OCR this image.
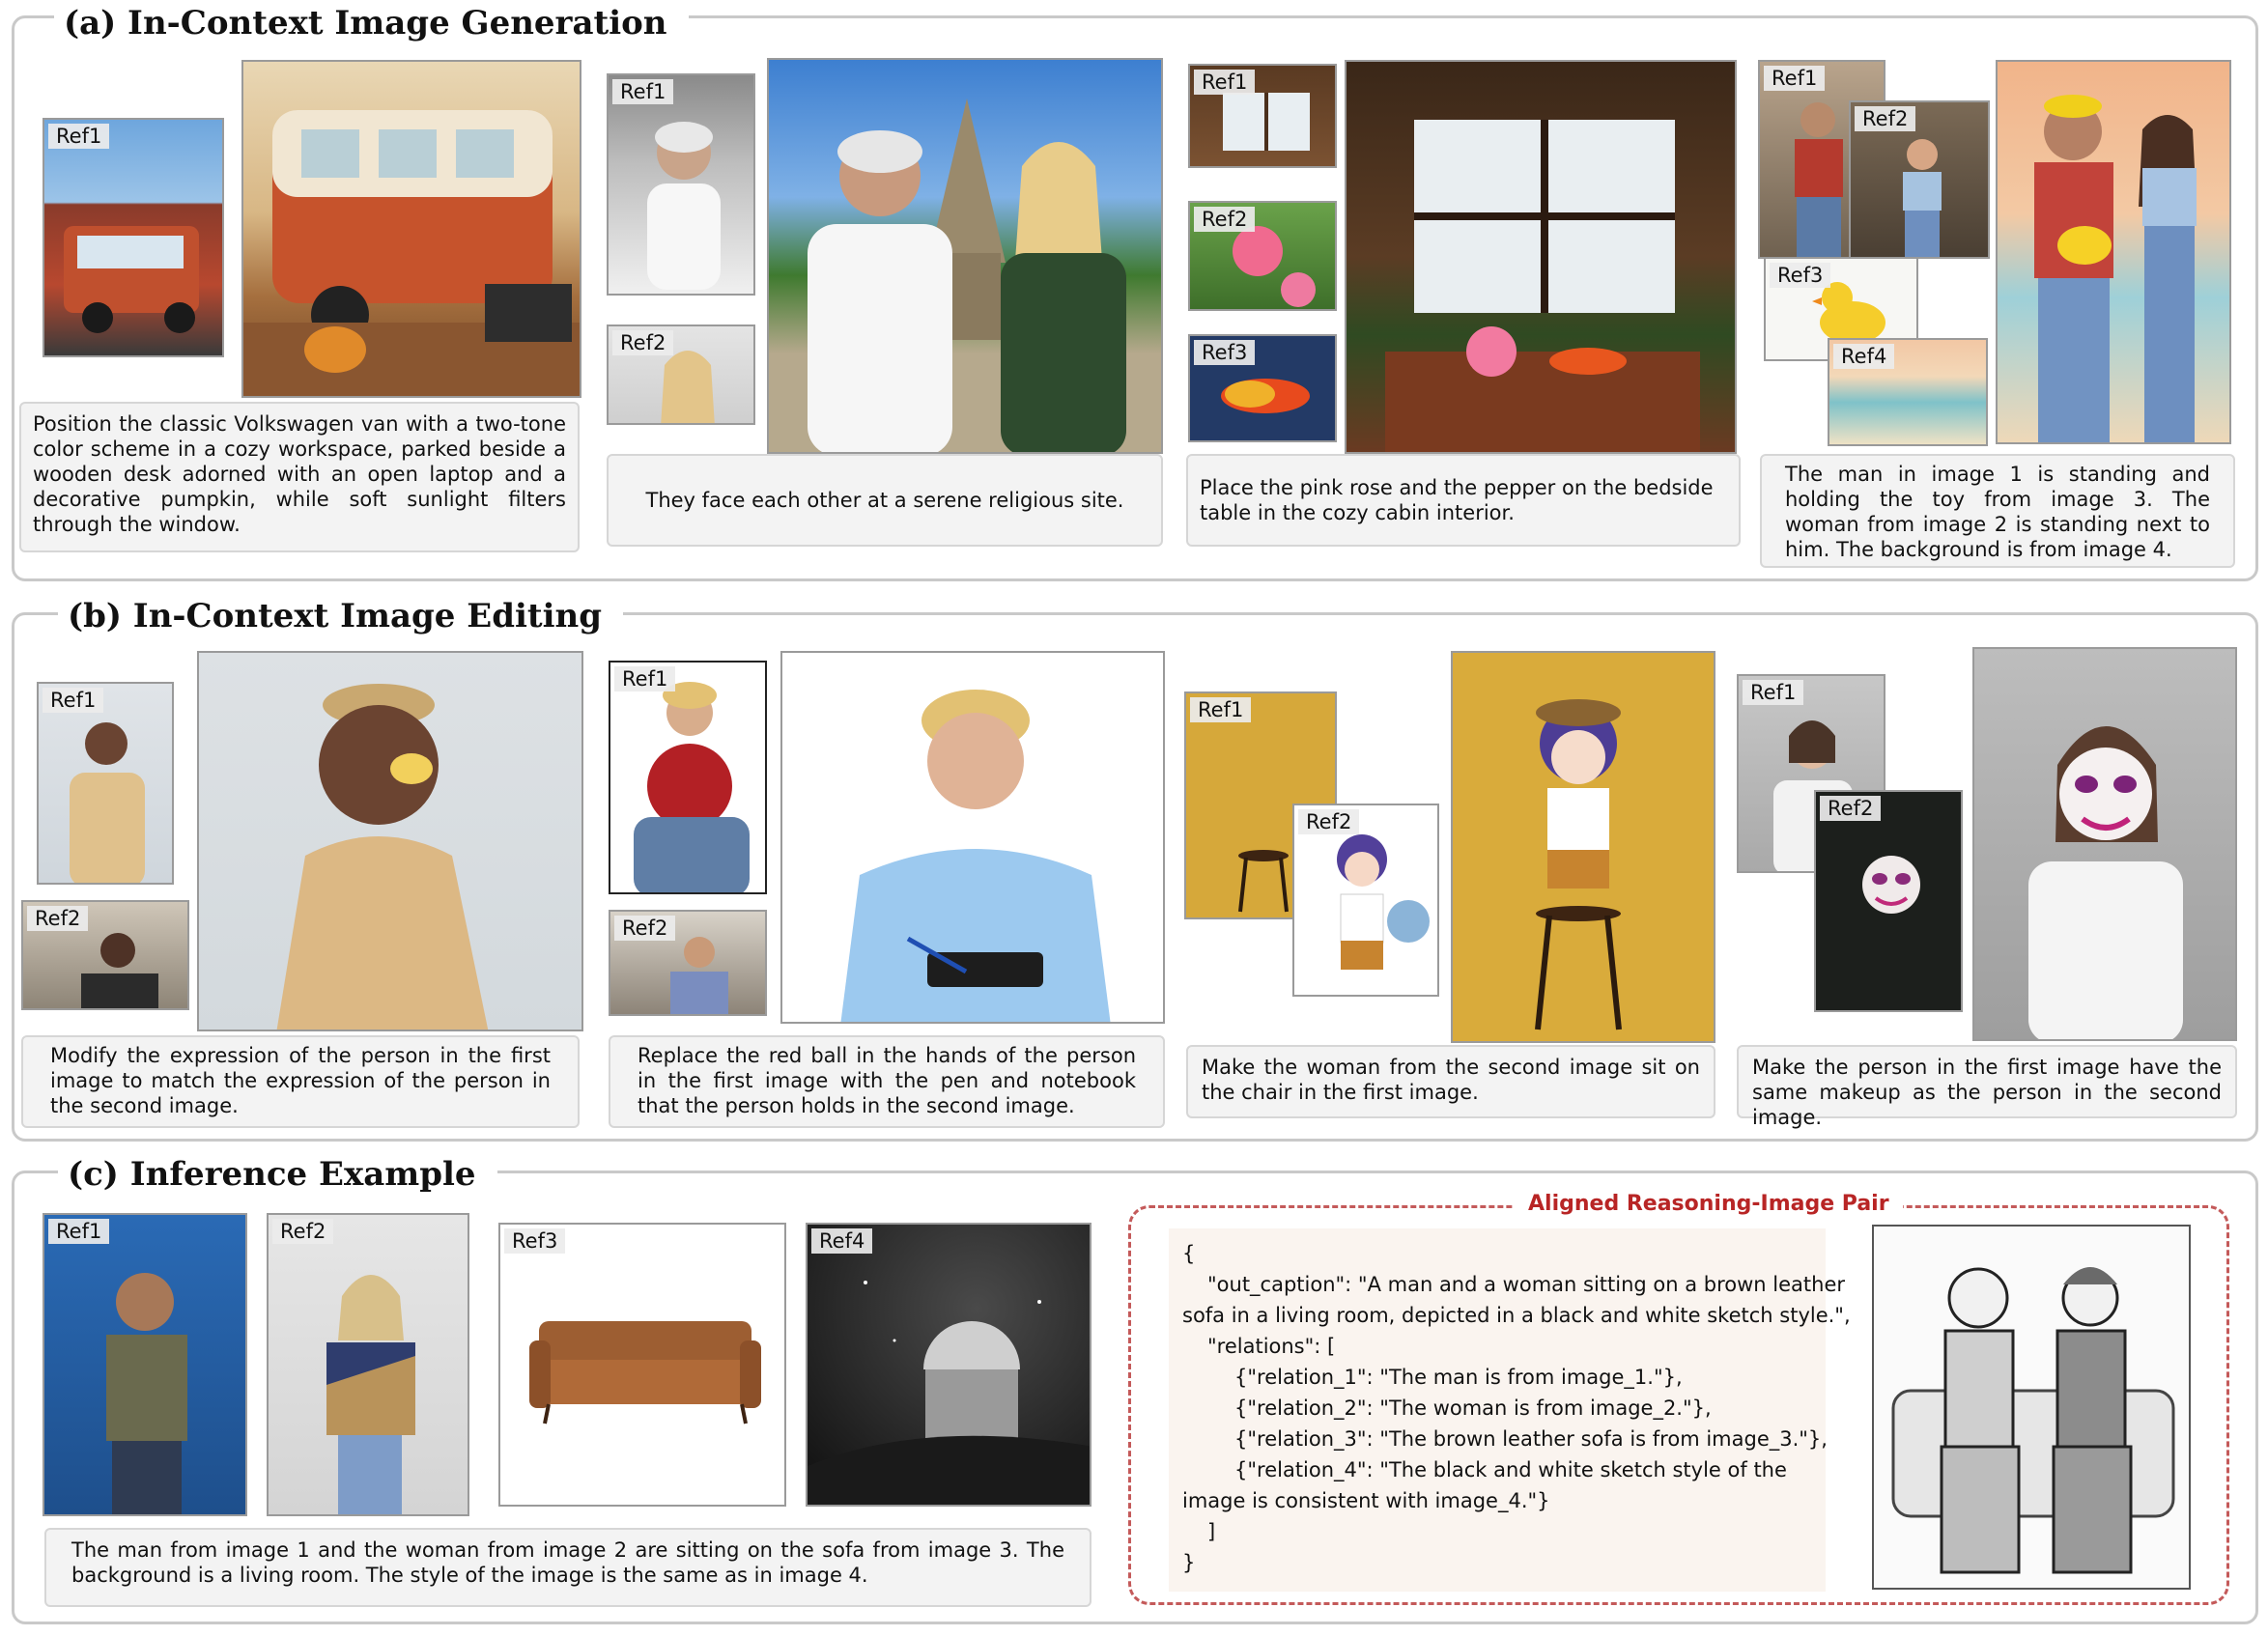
(a) In-Context Image Generation
Ref1
Position the classic Volkswagen van with a two-tone color scheme in a cozy workspace, parked beside a wooden desk adorned with an open laptop and a decorative pumpkin, while soft sunlight filters through the window.
Ref1
Ref2
They face each other at a serene religious site.
Ref1
Ref2
Ref3
Place the pink rose and the pepper on the bedside table in the cozy cabin interior.
Ref1
Ref2
Ref3
Ref4
The man in image 1 is standing and holding the toy from image 3. The woman from image 2 is standing next to him. The background is from image 4.
(b) In-Context Image Editing
Ref1
Ref2
Modify the expression of the person in the first image to match the expression of the person in the second image.
Ref1
Ref2
Replace the red ball in the hands of the person in the first image with the pen and notebook that the person holds in the second image.
Ref1
Ref2
Make the woman from the second image sit on the chair in the first image.
Ref1
Ref2
Make the person in the first image have the same makeup as the person in the second image.
(c) Inference Example
Ref1	Ref2	Ref3	Ref4
The man from image 1 and the woman from image 2 are sitting on the sofa from image 3. The background is a living room. The style of the image is the same as in image 4.
Aligned Reasoning-Image Pair
{
"out_caption": "A man and a woman sitting on a brown leather
sofa in a living room, depicted in a black and white sketch style.",
"relations": [
{"relation_1": "The man is from image_1."},
{"relation_2": "The woman is from image_2."},
{"relation_3": "The brown leather sofa is from image_3."},
{"relation_4": "The black and white sketch style of the
image is consistent with image_4."}
]
}
